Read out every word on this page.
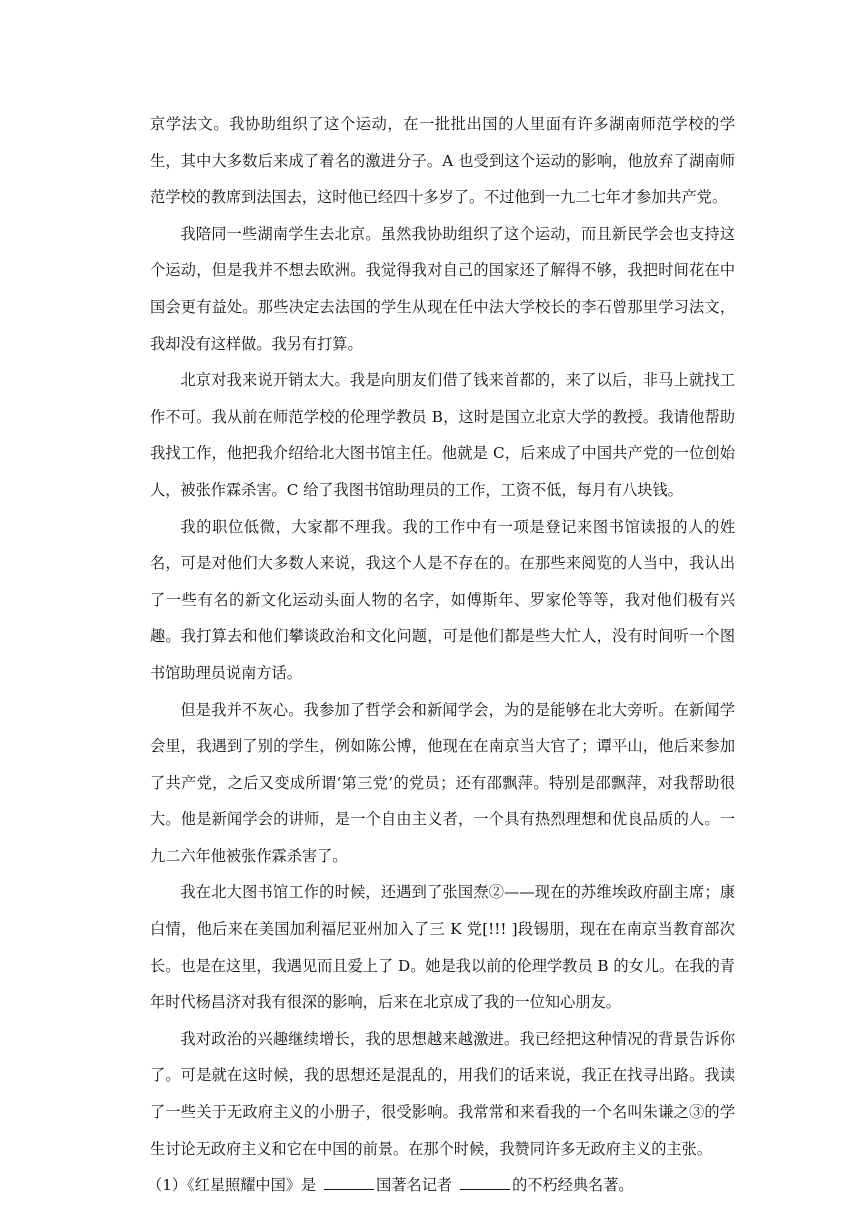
京学法文。我协助组织了这个运动，在一批批出国的人里面有许多湖南师范学校的学生，其中大多数后来成了着名的激进分子。A 也受到这个运动的影响，他放弃了湖南师范学校的教席到法国去，这时他已经四十多岁了。不过他到一九二七年才参加共产党。

我陪同一些湖南学生去北京。虽然我协助组织了这个运动，而且新民学会也支持这个运动，但是我并不想去欧洲。我觉得我对自己的国家还了解得不够，我把时间花在中国会更有益处。那些决定去法国的学生从现在任中法大学校长的李石曾那里学习法文，我却没有这样做。我另有打算。

北京对我来说开销太大。我是向朋友们借了钱来首都的，来了以后，非马上就找工作不可。我从前在师范学校的伦理学教员 B，这时是国立北京大学的教授。我请他帮助我找工作，他把我介绍给北大图书馆主任。他就是 C，后来成了中国共产党的一位创始人，被张作霖杀害。C 给了我图书馆助理员的工作，工资不低，每月有八块钱。

我的职位低微，大家都不理我。我的工作中有一项是登记来图书馆读报的人的姓名，可是对他们大多数人来说，我这个人是不存在的。在那些来阅览的人当中，我认出了一些有名的新文化运动头面人物的名字，如傅斯年、罗家伦等等，我对他们极有兴趣。我打算去和他们攀谈政治和文化问题，可是他们都是些大忙人，没有时间听一个图书馆助理员说南方话。

但是我并不灰心。我参加了哲学会和新闻学会，为的是能够在北大旁听。在新闻学会里，我遇到了别的学生，例如陈公博，他现在在南京当大官了；谭平山，他后来参加了共产党，之后又变成所谓‘第三党’的党员；还有邵飘萍。特别是邵飘萍，对我帮助很大。他是新闻学会的讲师，是一个自由主义者，一个具有热烈理想和优良品质的人。一九二六年他被张作霖杀害了。

我在北大图书馆工作的时候，还遇到了张国焘②——现在的苏维埃政府副主席；康白情，他后来在美国加利福尼亚州加入了三 K 党[!!! ]段锡朋，现在在南京当教育部次长。也是在这里，我遇见而且爱上了 D。她是我以前的伦理学教员 B 的女儿。在我的青年时代杨昌济对我有很深的影响，后来在北京成了我的一位知心朋友。

我对政治的兴趣继续增长，我的思想越来越激进。我已经把这种情况的背景告诉你了。可是就在这时候，我的思想还是混乱的，用我们的话来说，我正在找寻出路。我读了一些关于无政府主义的小册子，很受影响。我常常和来看我的一个名叫朱谦之③的学生讨论无政府主义和它在中国的前景。在那个时候，我赞同许多无政府主义的主张。

（1）《红星照耀中国》是	国著名记者	的不朽经典名著。
